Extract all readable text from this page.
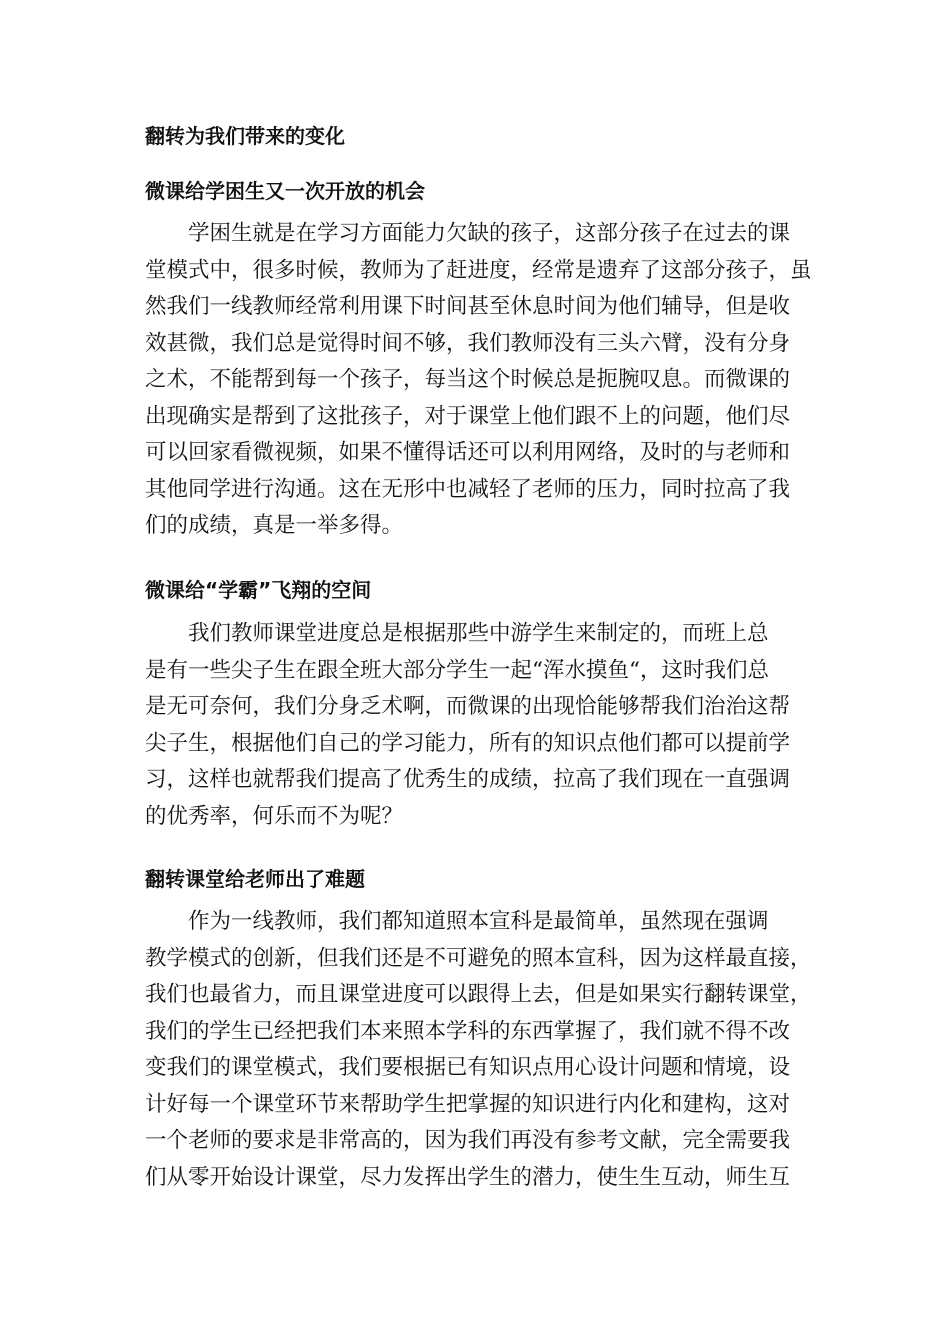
翻转为我们带来的变化
微课给学困生又一次开放的机会
　　学困生就是在学习方面能力欠缺的孩子，这部分孩子在过去的课
堂模式中，很多时候，教师为了赶进度，经常是遗弃了这部分孩子，虽
然我们一线教师经常利用课下时间甚至休息时间为他们辅导，但是收
效甚微，我们总是觉得时间不够，我们教师没有三头六臂，没有分身
之术，不能帮到每一个孩子，每当这个时候总是扼腕叹息。而微课的
出现确实是帮到了这批孩子，对于课堂上他们跟不上的问题，他们尽
可以回家看微视频，如果不懂得话还可以利用网络，及时的与老师和
其他同学进行沟通。这在无形中也减轻了老师的压力，同时拉高了我
们的成绩，真是一举多得。
微课给“学霸”飞翔的空间
　　我们教师课堂进度总是根据那些中游学生来制定的，而班上总
是有一些尖子生在跟全班大部分学生一起“浑水摸鱼“，这时我们总
是无可奈何，我们分身乏术啊，而微课的出现恰能够帮我们治治这帮
尖子生，根据他们自己的学习能力，所有的知识点他们都可以提前学
习，这样也就帮我们提高了优秀生的成绩，拉高了我们现在一直强调
的优秀率，何乐而不为呢？
翻转课堂给老师出了难题
　　作为一线教师，我们都知道照本宣科是最简单，虽然现在强调
教学模式的创新，但我们还是不可避免的照本宣科，因为这样最直接，
我们也最省力，而且课堂进度可以跟得上去，但是如果实行翻转课堂，
我们的学生已经把我们本来照本学科的东西掌握了，我们就不得不改
变我们的课堂模式，我们要根据已有知识点用心设计问题和情境，设
计好每一个课堂环节来帮助学生把掌握的知识进行内化和建构，这对
一个老师的要求是非常高的，因为我们再没有参考文献，完全需要我
们从零开始设计课堂，尽力发挥出学生的潜力，使生生互动，师生互
